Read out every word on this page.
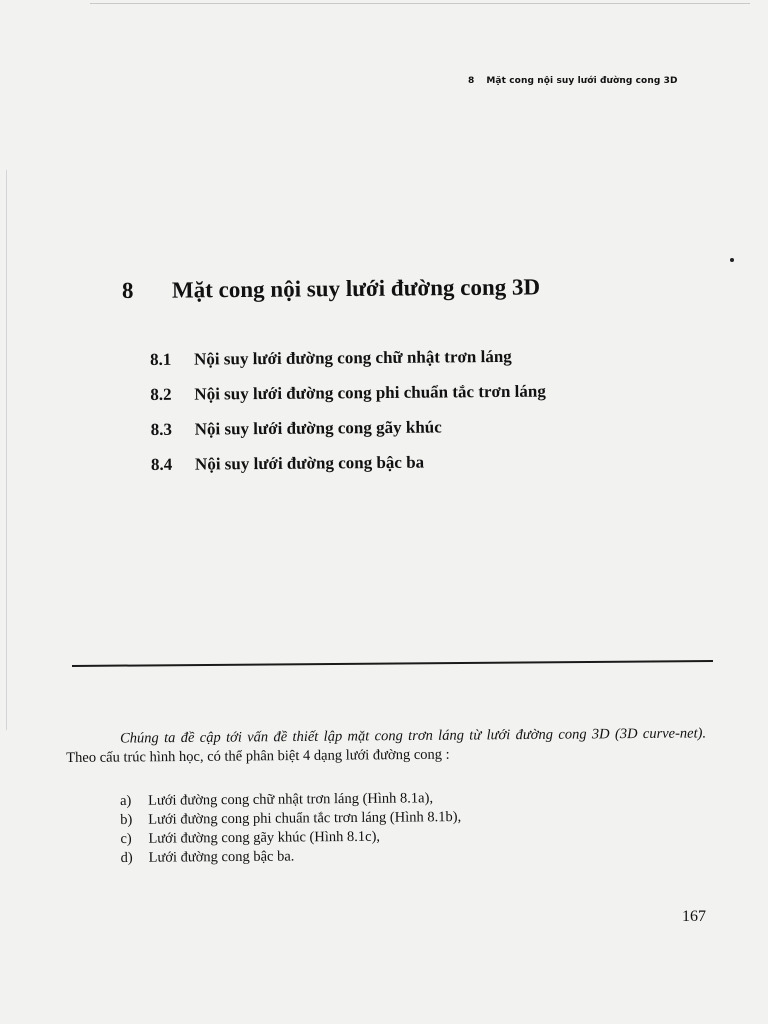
8 Mặt cong nội suy lưới đường cong 3D
8 Mặt cong nội suy lưới đường cong 3D
8.1 Nội suy lưới đường cong chữ nhật trơn láng
8.2 Nội suy lưới đường cong phi chuẩn tắc trơn láng
8.3 Nội suy lưới đường cong gãy khúc
8.4 Nội suy lưới đường cong bậc ba

Chúng ta đề cập tới vấn đề thiết lập mặt cong trơn láng từ lưới đường cong 3D (3D curve-net). Theo cấu trúc hình học, có thể phân biệt 4 dạng lưới đường cong :

a) Lưới đường cong chữ nhật trơn láng (Hình 8.1a),
b) Lưới đường cong phi chuẩn tắc trơn láng (Hình 8.1b),
c) Lưới đường cong gãy khúc (Hình 8.1c),
d) Lưới đường cong bậc ba.
167
